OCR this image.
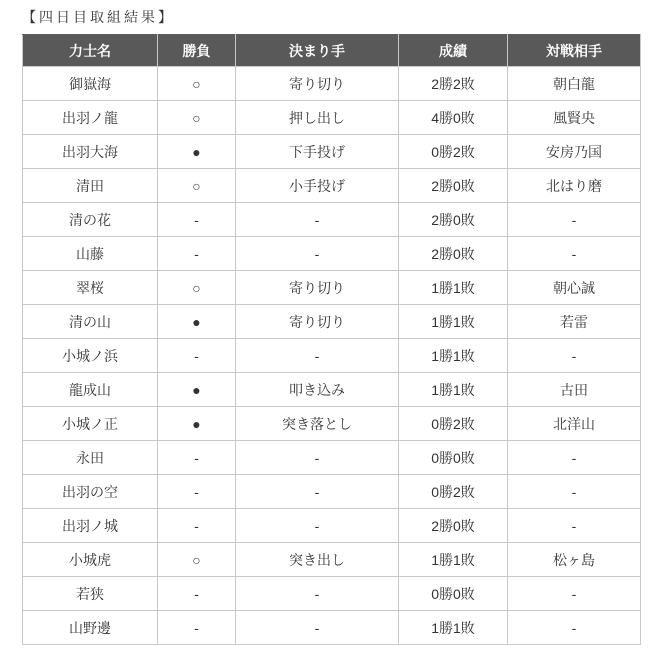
【四日目取組結果】
力士名	勝負	決まり手	成績	対戦相手
御嶽海	○	寄り切り	2勝2敗	朝白龍
出羽ノ龍	○	押し出し	4勝0敗	風賢央
出羽大海	●	下手投げ	0勝2敗	安房乃国
清田	○	小手投げ	2勝0敗	北はり磨
清の花	-	-	2勝0敗	-
山藤	-	-	2勝0敗	-
翠桜	○	寄り切り	1勝1敗	朝心誠
清の山	●	寄り切り	1勝1敗	若雷
小城ノ浜	-	-	1勝1敗	-
龍成山	●	叩き込み	1勝1敗	古田
小城ノ正	●	突き落とし	0勝2敗	北洋山
永田	-	-	0勝0敗	-
出羽の空	-	-	0勝2敗	-
出羽ノ城	-	-	2勝0敗	-
小城虎	○	突き出し	1勝1敗	松ヶ島
若狭	-	-	0勝0敗	-
山野邊	-	-	1勝1敗	-
